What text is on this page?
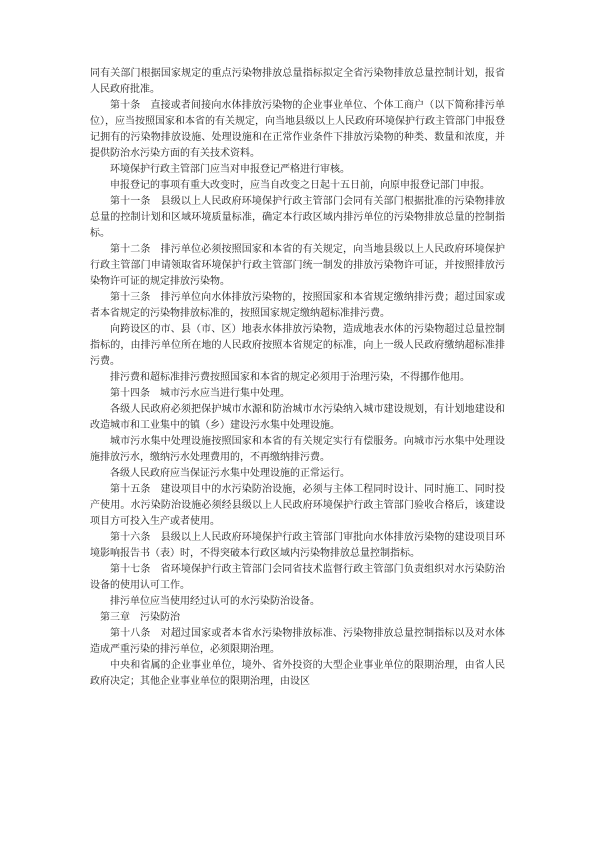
同有关部门根据国家规定的重点污染物排放总量指标拟定全省污染物排放总量控制计划，报省人民政府批准。

第十条　直接或者间接向水体排放污染物的企业事业单位、个体工商户（以下简称排污单位），应当按照国家和本省的有关规定，向当地县级以上人民政府环境保护行政主管部门申报登记拥有的污染物排放设施、处理设施和在正常作业条件下排放污染物的种类、数量和浓度，并提供防治水污染方面的有关技术资料。

环境保护行政主管部门应当对申报登记严格进行审核。

申报登记的事项有重大改变时，应当自改变之日起十五日前，向原申报登记部门申报。

第十一条　县级以上人民政府环境保护行政主管部门会同有关部门根据批准的污染物排放总量的控制计划和区域环境质量标准，确定本行政区域内排污单位的污染物排放总量的控制指标。

第十二条　排污单位必须按照国家和本省的有关规定，向当地县级以上人民政府环境保护行政主管部门申请领取省环境保护行政主管部门统一制发的排放污染物许可证，并按照排放污染物许可证的规定排放污染物。

第十三条　排污单位向水体排放污染物的，按照国家和本省规定缴纳排污费；超过国家或者本省规定的污染物排放标准的，按照国家规定缴纳超标准排污费。

向跨设区的市、县（市、区）地表水体排放污染物，造成地表水体的污染物超过总量控制指标的，由排污单位所在地的人民政府按照本省规定的标准，向上一级人民政府缴纳超标准排污费。

排污费和超标准排污费按照国家和本省的规定必须用于治理污染，不得挪作他用。

第十四条　城市污水应当进行集中处理。

各级人民政府必须把保护城市水源和防治城市水污染纳入城市建设规划，有计划地建设和改造城市和工业集中的镇（乡）建设污水集中处理设施。

城市污水集中处理设施按照国家和本省的有关规定实行有偿服务。向城市污水集中处理设施排放污水，缴纳污水处理费用的，不再缴纳排污费。

各级人民政府应当保证污水集中处理设施的正常运行。

第十五条　建设项目中的水污染防治设施，必须与主体工程同时设计、同时施工、同时投产使用。水污染防治设施必须经县级以上人民政府环境保护行政主管部门验收合格后，该建设项目方可投入生产或者使用。

第十六条　县级以上人民政府环境保护行政主管部门审批向水体排放污染物的建设项目环境影响报告书（表）时，不得突破本行政区域内污染物排放总量控制指标。

第十七条　省环境保护行政主管部门会同省技术监督行政主管部门负责组织对水污染防治设备的使用认可工作。

排污单位应当使用经过认可的水污染防治设备。

第三章　污染防治

第十八条　对超过国家或者本省水污染物排放标准、污染物排放总量控制指标以及对水体造成严重污染的排污单位，必须限期治理。

中央和省属的企业事业单位，境外、省外投资的大型企业事业单位的限期治理，由省人民政府决定；其他企业事业单位的限期治理，由设区
